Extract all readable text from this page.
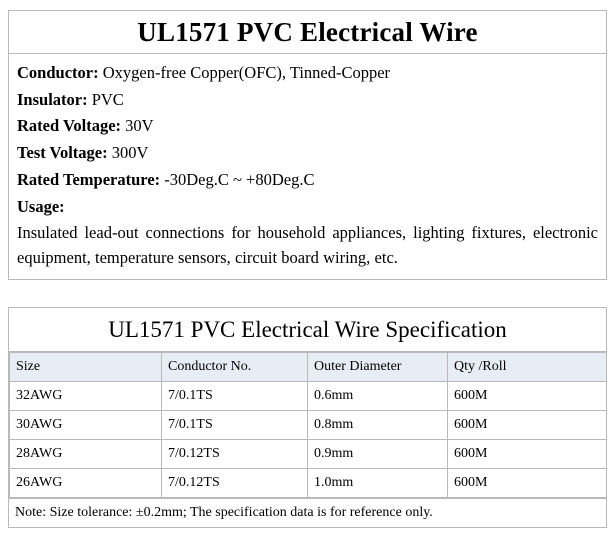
UL1571 PVC Electrical Wire
Conductor: Oxygen-free Copper(OFC), Tinned-Copper
Insulator: PVC
Rated Voltage: 30V
Test Voltage: 300V
Rated Temperature: -30Deg.C ~ +80Deg.C
Usage:
Insulated lead-out connections for household appliances, lighting fixtures, electronic equipment, temperature sensors, circuit board wiring, etc.
UL1571 PVC Electrical Wire Specification
Size	Conductor No.	Outer Diameter	Qty /Roll
32AWG	7/0.1TS	0.6mm	600M
30AWG	7/0.1TS	0.8mm	600M
28AWG	7/0.12TS	0.9mm	600M
26AWG	7/0.12TS	1.0mm	600M
Note: Size tolerance: ±0.2mm; The specification data is for reference only.
